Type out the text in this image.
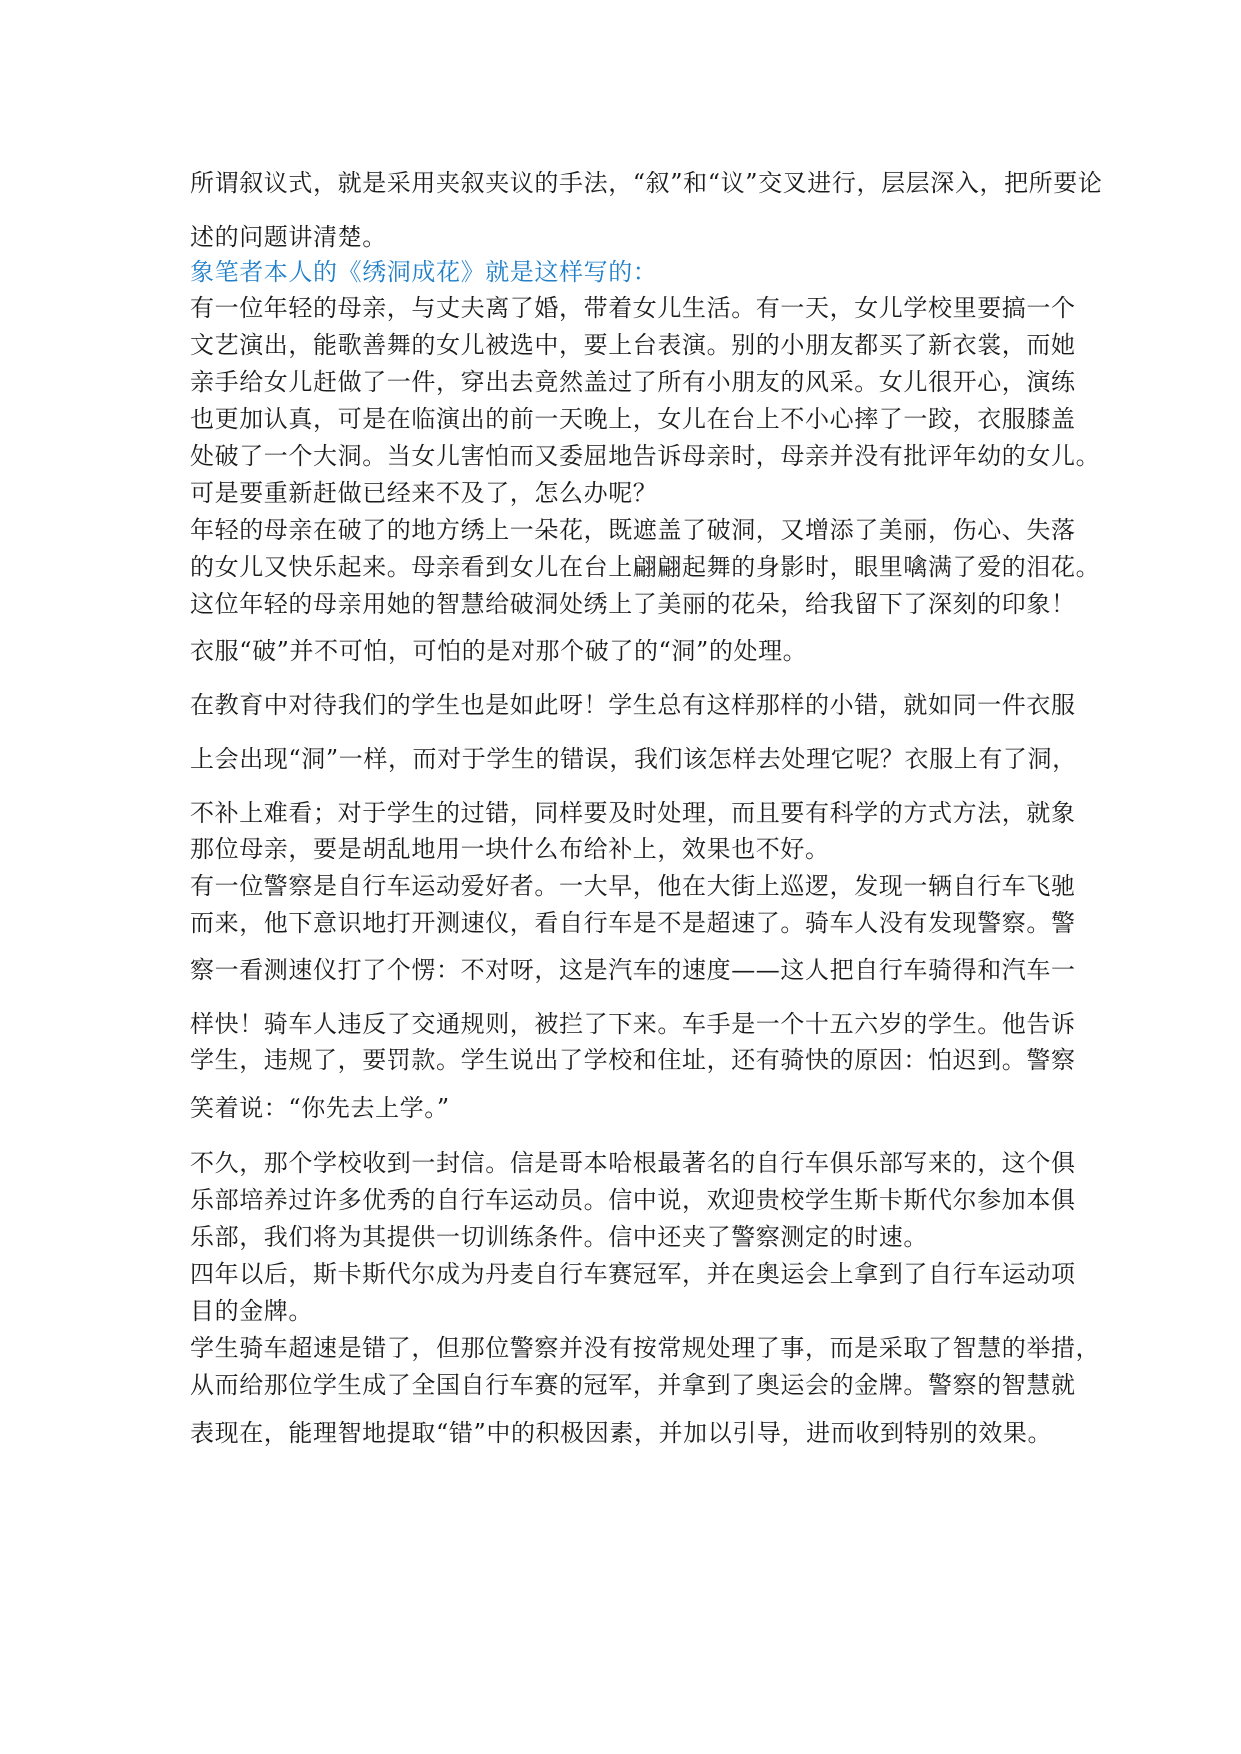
所谓叙议式，就是采用夹叙夹议的手法，“叙”和“议”交叉进行，层层深入，把所要论
述的问题讲清楚。
象笔者本人的《绣洞成花》就是这样写的：
有一位年轻的母亲，与丈夫离了婚，带着女儿生活。有一天，女儿学校里要搞一个
文艺演出，能歌善舞的女儿被选中，要上台表演。别的小朋友都买了新衣裳，而她
亲手给女儿赶做了一件，穿出去竟然盖过了所有小朋友的风采。女儿很开心，演练
也更加认真，可是在临演出的前一天晚上，女儿在台上不小心摔了一跤，衣服膝盖
处破了一个大洞。当女儿害怕而又委屈地告诉母亲时，母亲并没有批评年幼的女儿。
可是要重新赶做已经来不及了，怎么办呢？
年轻的母亲在破了的地方绣上一朵花，既遮盖了破洞，又增添了美丽，伤心、失落
的女儿又快乐起来。母亲看到女儿在台上翩翩起舞的身影时，眼里噙满了爱的泪花。
这位年轻的母亲用她的智慧给破洞处绣上了美丽的花朵，给我留下了深刻的印象！
衣服“破”并不可怕，可怕的是对那个破了的“洞”的处理。
在教育中对待我们的学生也是如此呀！学生总有这样那样的小错，就如同一件衣服
上会出现“洞”一样，而对于学生的错误，我们该怎样去处理它呢？衣服上有了洞，
不补上难看；对于学生的过错，同样要及时处理，而且要有科学的方式方法，就象
那位母亲，要是胡乱地用一块什么布给补上，效果也不好。
有一位警察是自行车运动爱好者。一大早，他在大街上巡逻，发现一辆自行车飞驰
而来，他下意识地打开测速仪，看自行车是不是超速了。骑车人没有发现警察。警
察一看测速仪打了个愣：不对呀，这是汽车的速度——这人把自行车骑得和汽车一
样快！骑车人违反了交通规则，被拦了下来。车手是一个十五六岁的学生。他告诉
学生，违规了，要罚款。学生说出了学校和住址，还有骑快的原因：怕迟到。警察
笑着说：“你先去上学。”
不久，那个学校收到一封信。信是哥本哈根最著名的自行车俱乐部写来的，这个俱
乐部培养过许多优秀的自行车运动员。信中说，欢迎贵校学生斯卡斯代尔参加本俱
乐部，我们将为其提供一切训练条件。信中还夹了警察测定的时速。
四年以后，斯卡斯代尔成为丹麦自行车赛冠军，并在奥运会上拿到了自行车运动项
目的金牌。
学生骑车超速是错了，但那位警察并没有按常规处理了事，而是采取了智慧的举措，
从而给那位学生成了全国自行车赛的冠军，并拿到了奥运会的金牌。警察的智慧就
表现在，能理智地提取“错”中的积极因素，并加以引导，进而收到特别的效果。
